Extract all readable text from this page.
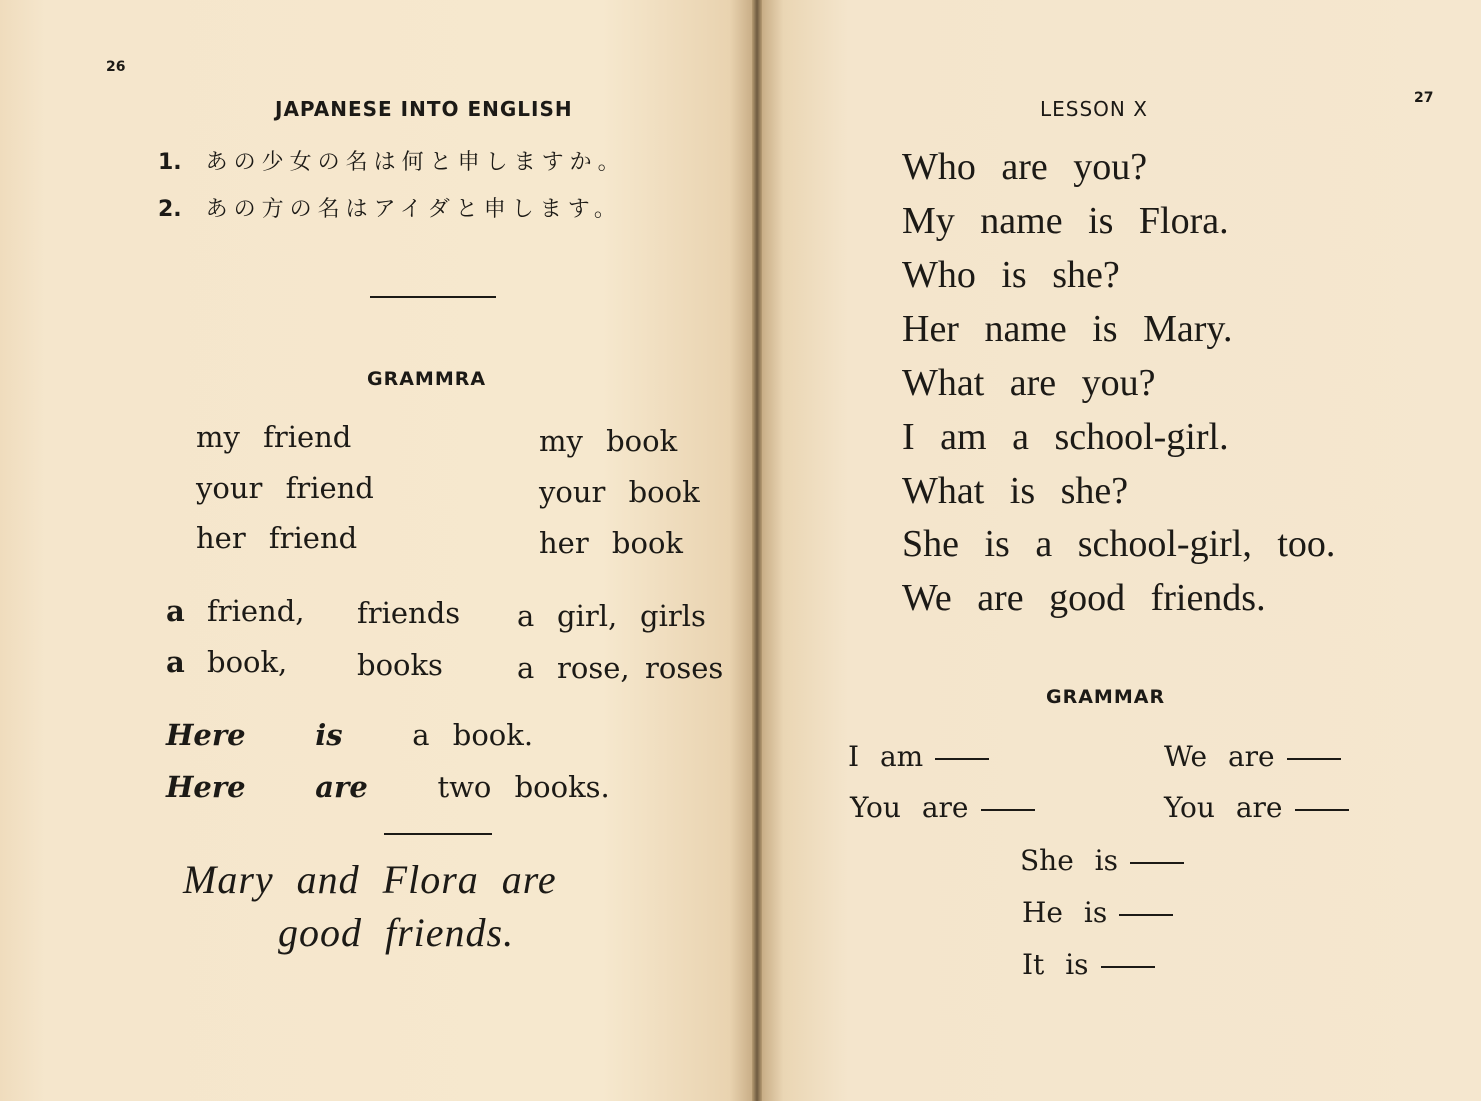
26
JAPANESE INTO ENGLISH
1. あの少女の名は何と申しますか。
2. あの方の名はアイダと申します。
GRAMMRA
my friend
your friend
her friend
my book
your book
her book
a friend, friends
a book, books
a girl, girls
a rose, roses
Here is a book.
Here are two books.
Mary and Flora are
good friends.
27
LESSON X
Who are you?
My name is Flora.
Who is she?
Her name is Mary.
What are you?
I am a school-girl.
What is she?
She is a school-girl, too.
We are good friends.
GRAMMAR
I am
You are
We are
You are
She is
He is
It is
